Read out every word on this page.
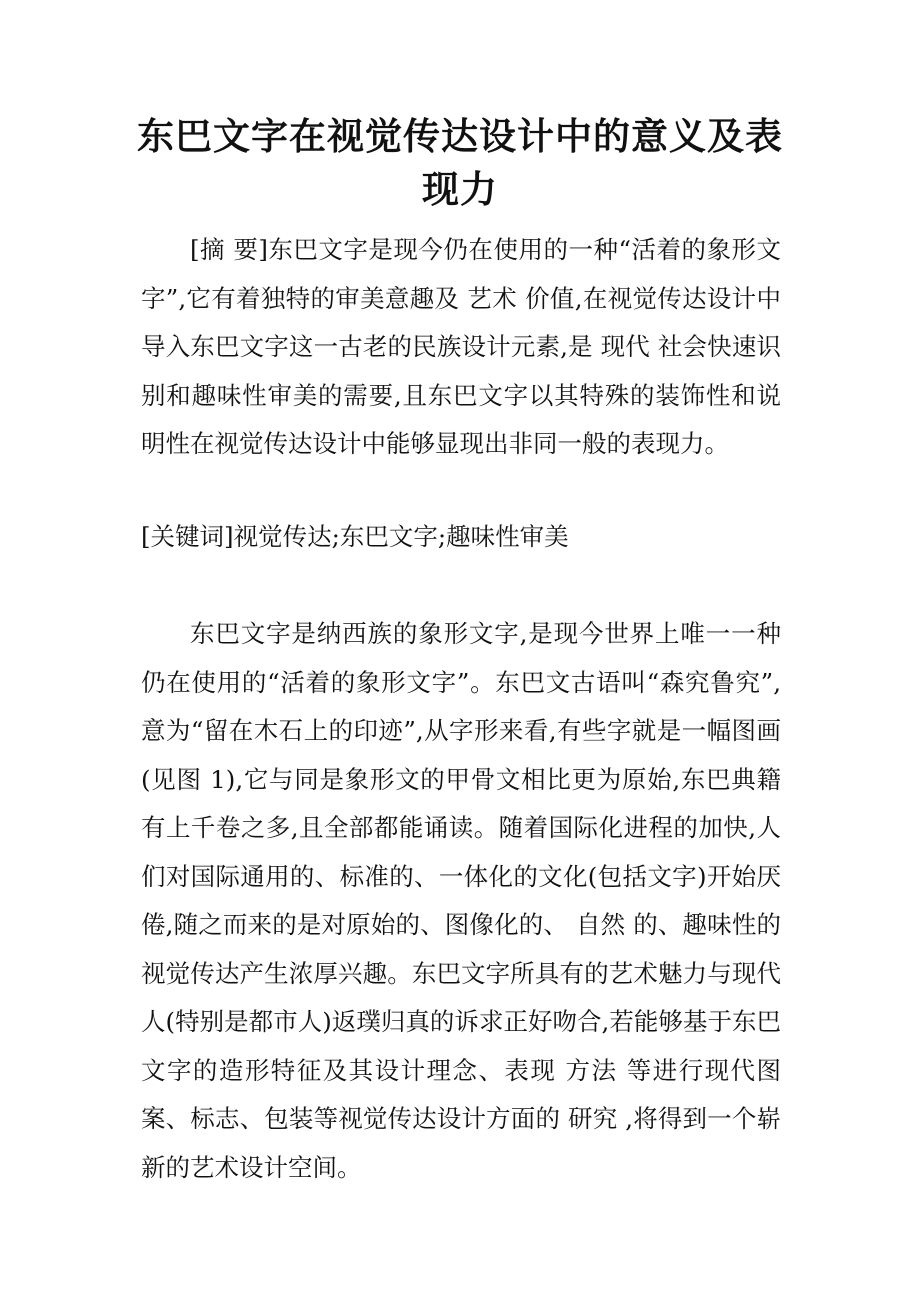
东巴文字在视觉传达设计中的意义及表现力

[摘 要]东巴文字是现今仍在使用的一种“活着的象形文字”,它有着独特的审美意趣及 艺术 价值,在视觉传达设计中导入东巴文字这一古老的民族设计元素,是 现代 社会快速识别和趣味性审美的需要,且东巴文字以其特殊的装饰性和说明性在视觉传达设计中能够显现出非同一般的表现力。

[关键词]视觉传达;东巴文字;趣味性审美

东巴文字是纳西族的象形文字,是现今世界上唯一一种仍在使用的“活着的象形文字”。东巴文古语叫“森究鲁究”,意为“留在木石上的印迹”,从字形来看,有些字就是一幅图画(见图 1),它与同是象形文的甲骨文相比更为原始,东巴典籍有上千卷之多,且全部都能诵读。随着国际化进程的加快,人们对国际通用的、标准的、一体化的文化(包括文字)开始厌倦,随之而来的是对原始的、图像化的、 自然 的、趣味性的视觉传达产生浓厚兴趣。东巴文字所具有的艺术魅力与现代人(特别是都市人)返璞归真的诉求正好吻合,若能够基于东巴文字的造形特征及其设计理念、表现 方法 等进行现代图案、标志、包装等视觉传达设计方面的 研究 ,将得到一个崭新的艺术设计空间。
